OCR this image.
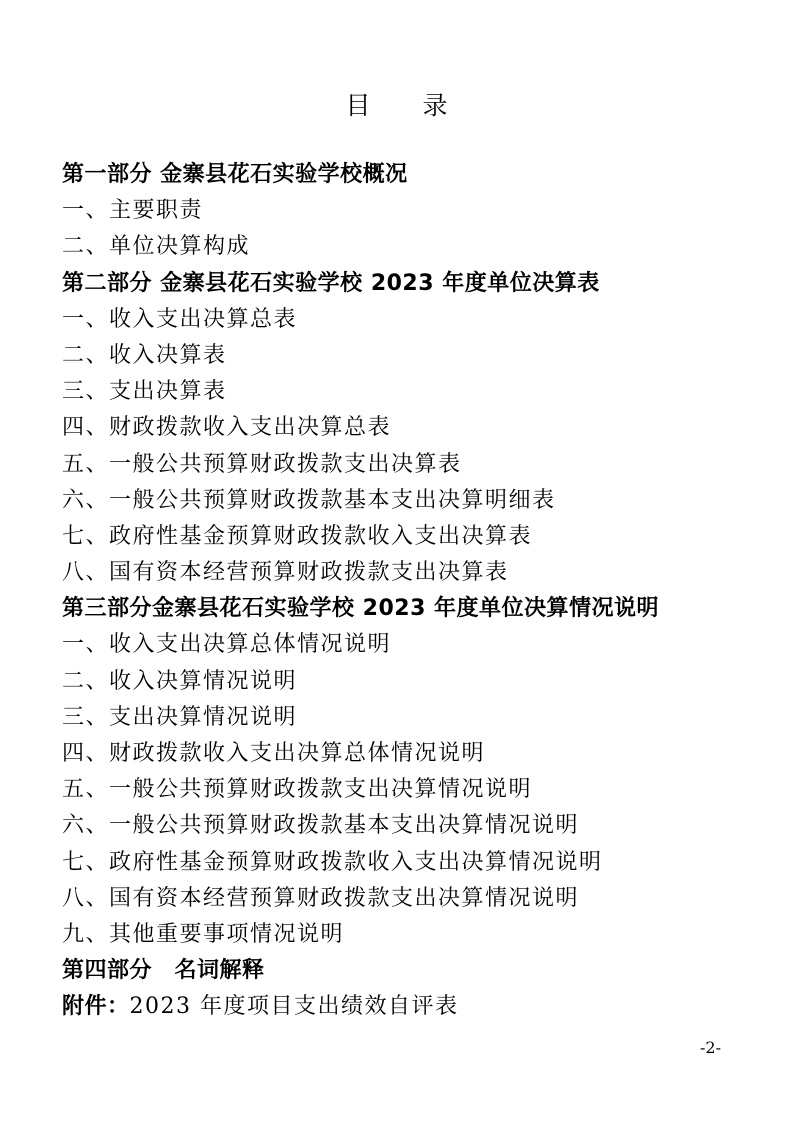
目 录
第一部分 金寨县花石实验学校概况
一、主要职责
二、单位决算构成
第二部分 金寨县花石实验学校 2023 年度单位决算表
一、收入支出决算总表
二、收入决算表
三、支出决算表
四、财政拨款收入支出决算总表
五、一般公共预算财政拨款支出决算表
六、一般公共预算财政拨款基本支出决算明细表
七、政府性基金预算财政拨款收入支出决算表
八、国有资本经营预算财政拨款支出决算表
第三部分金寨县花石实验学校 2023 年度单位决算情况说明
一、收入支出决算总体情况说明
二、收入决算情况说明
三、支出决算情况说明
四、财政拨款收入支出决算总体情况说明
五、一般公共预算财政拨款支出决算情况说明
六、一般公共预算财政拨款基本支出决算情况说明
七、政府性基金预算财政拨款收入支出决算情况说明
八、国有资本经营预算财政拨款支出决算情况说明
九、其他重要事项情况说明
第四部分　名词解释
附件：2023 年度项目支出绩效自评表
-2-
